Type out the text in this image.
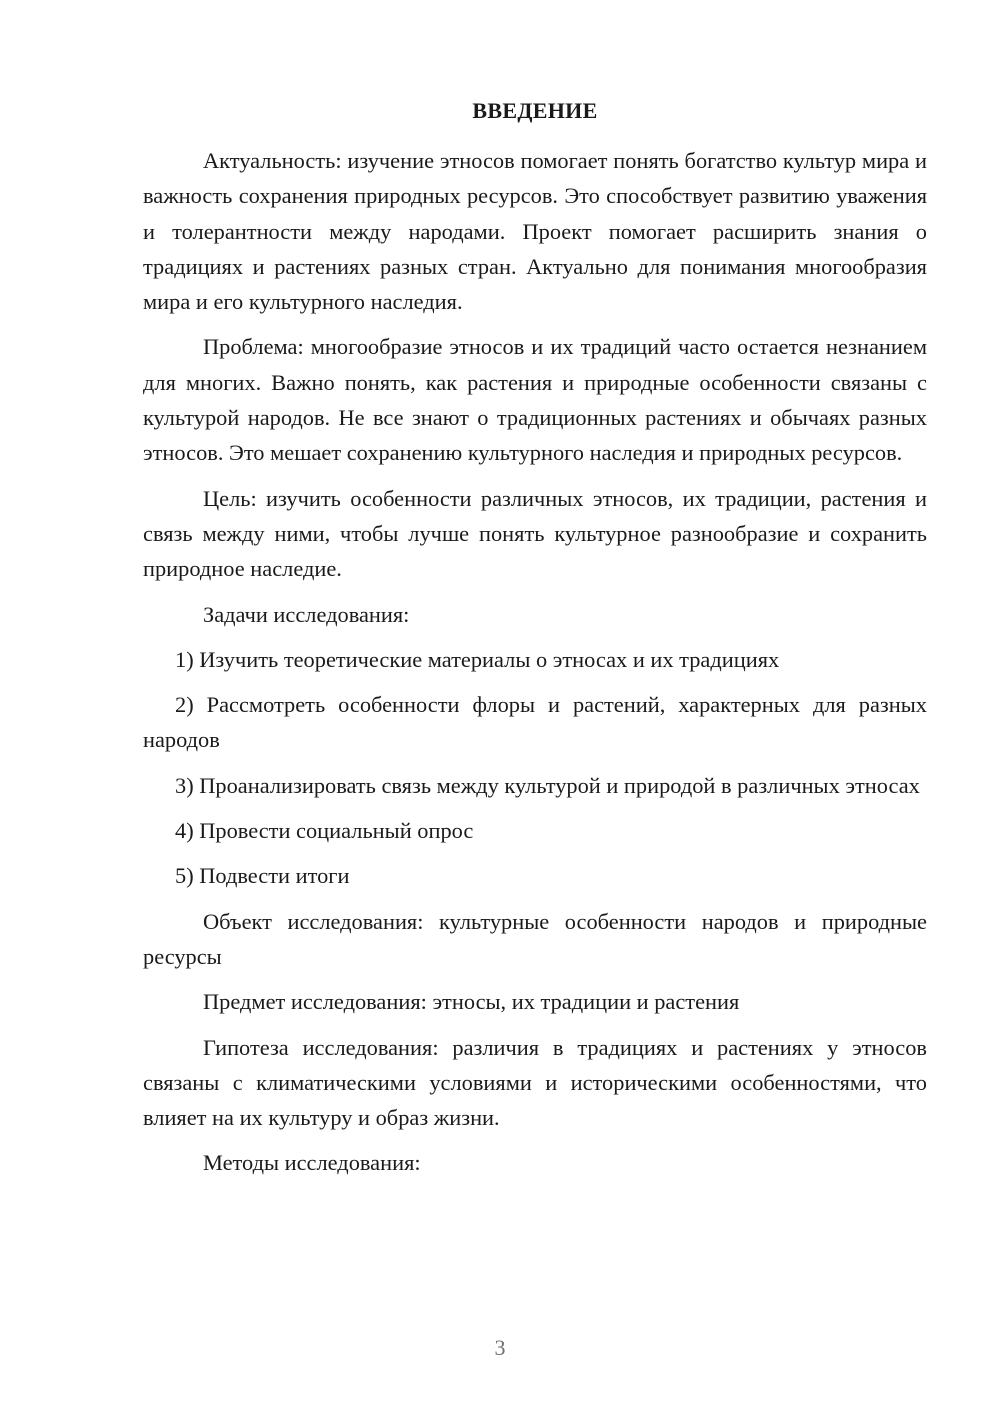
ВВЕДЕНИЕ

Актуальность: изучение этносов помогает понять богатство культур мира и важность сохранения природных ресурсов. Это способствует развитию уважения и толерантности между народами. Проект помогает расширить знания о традициях и растениях разных стран. Актуально для понимания многообразия мира и его культурного наследия.

Проблема: многообразие этносов и их традиций часто остается незнанием для многих. Важно понять, как растения и природные особенности связаны с культурой народов. Не все знают о традиционных растениях и обычаях разных этносов. Это мешает сохранению культурного наследия и природных ресурсов.

Цель: изучить особенности различных этносов, их традиции, растения и связь между ними, чтобы лучше понять культурное разнообразие и сохранить природное наследие.

Задачи исследования:

1) Изучить теоретические материалы о этносах и их традициях

2) Рассмотреть особенности флоры и растений, характерных для разных народов

3) Проанализировать связь между культурой и природой в различных этносах

4) Провести социальный опрос

5) Подвести итоги

Объект исследования: культурные особенности народов и природные ресурсы

Предмет исследования: этносы, их традиции и растения

Гипотеза исследования: различия в традициях и растениях у этносов связаны с климатическими условиями и историческими особенностями, что влияет на их культуру и образ жизни.

Методы исследования:

3
